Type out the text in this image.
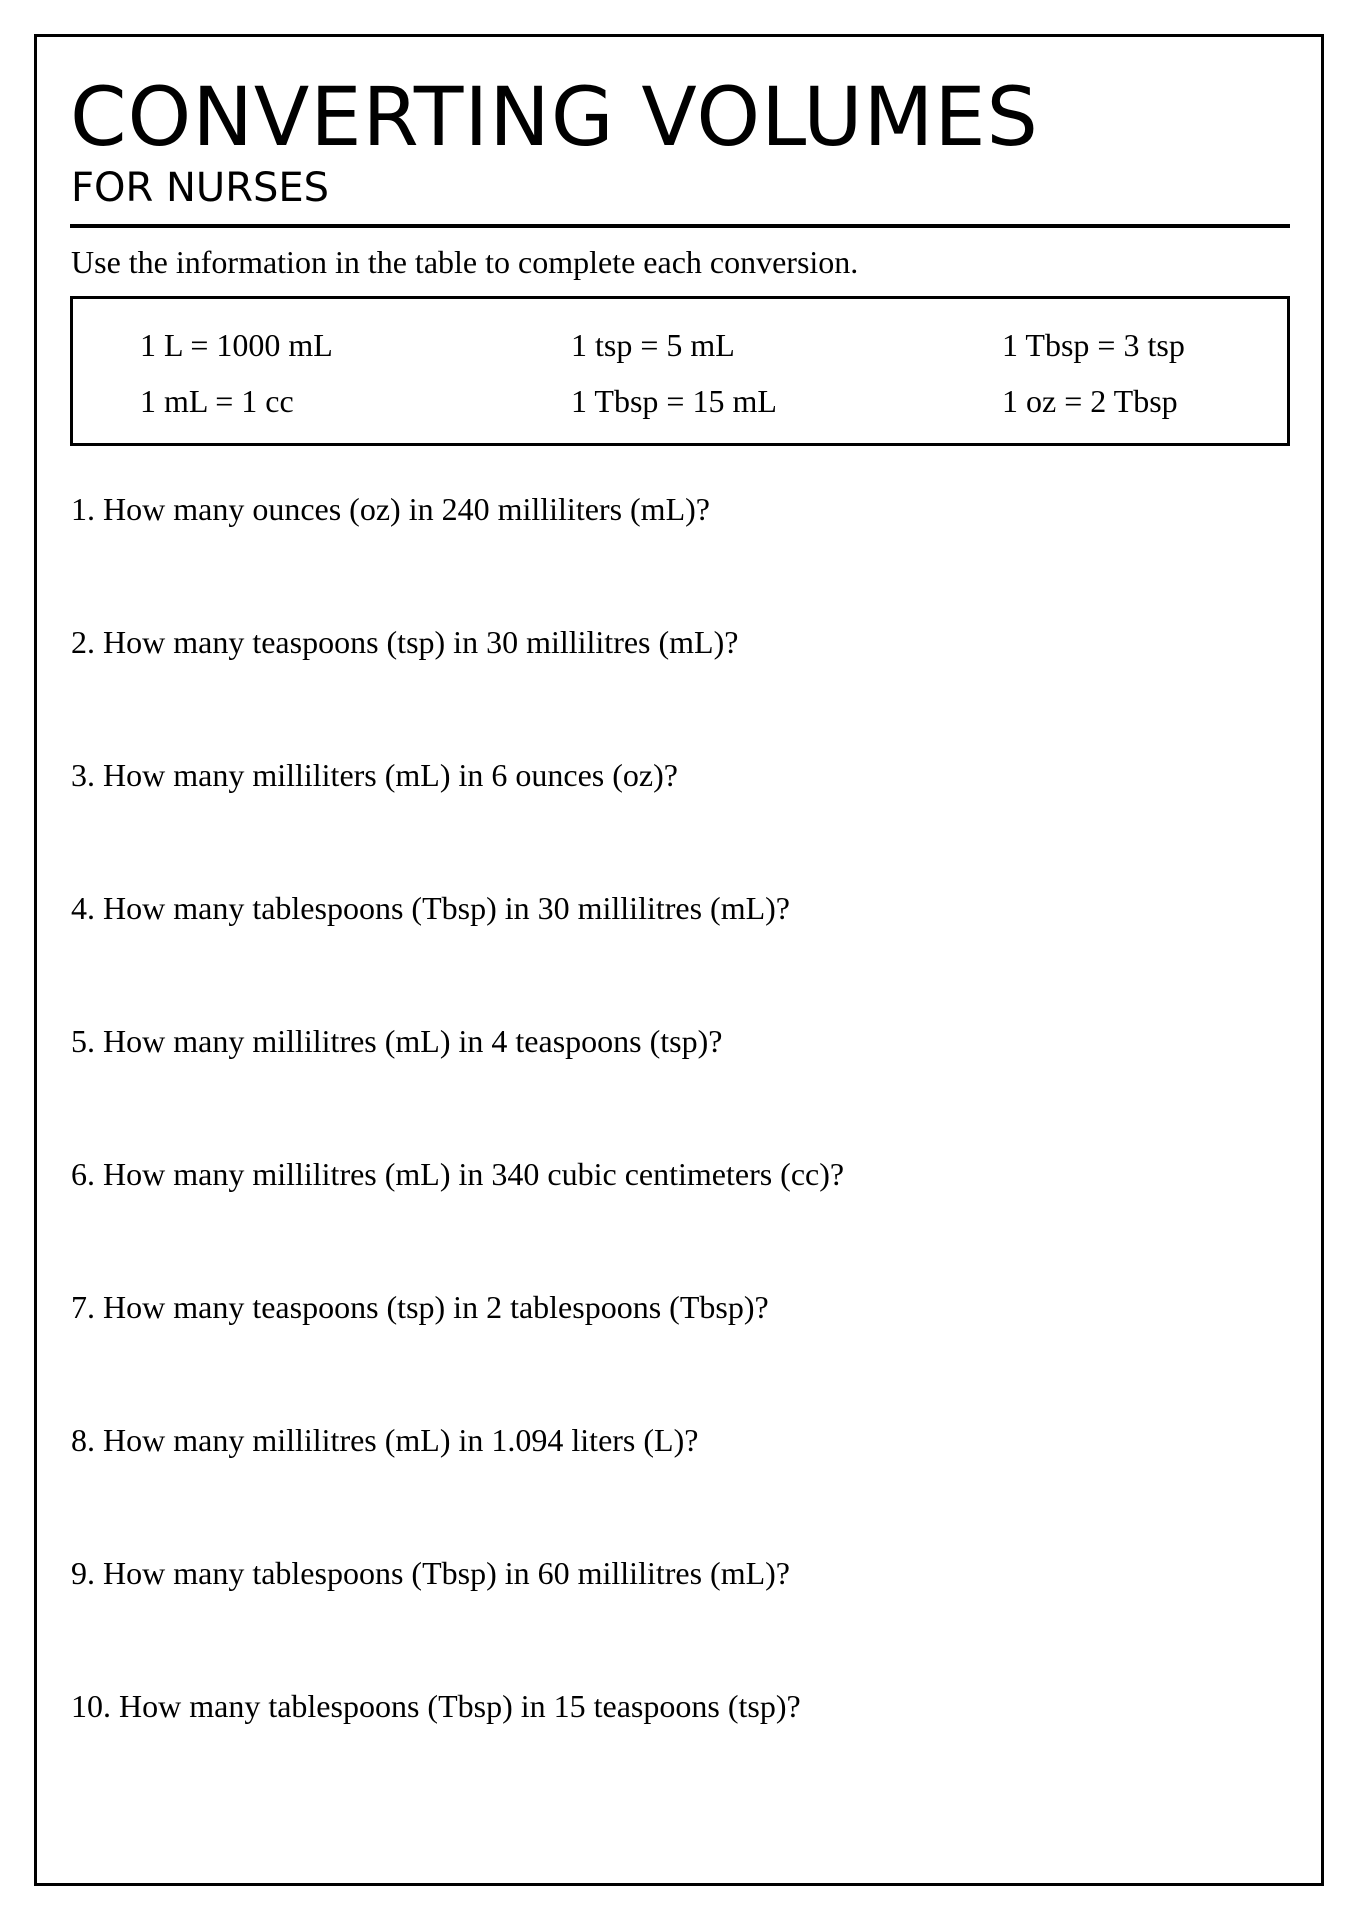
CONVERTING VOLUMES
FOR NURSES
Use the information in the table to complete each conversion.
1 L = 1000 mL	1 tsp = 5 mL	1 Tbsp = 3 tsp
1 mL = 1 cc	1 Tbsp = 15 mL	1 oz = 2 Tbsp
1. How many ounces (oz) in 240 milliliters (mL)?
2. How many teaspoons (tsp) in 30 millilitres (mL)?
3. How many milliliters (mL) in 6 ounces (oz)?
4. How many tablespoons (Tbsp) in 30 millilitres (mL)?
5. How many millilitres (mL) in 4 teaspoons (tsp)?
6. How many millilitres (mL) in 340 cubic centimeters (cc)?
7. How many teaspoons (tsp) in 2 tablespoons (Tbsp)?
8. How many millilitres (mL) in 1.094 liters (L)?
9. How many tablespoons (Tbsp) in 60 millilitres (mL)?
10. How many tablespoons (Tbsp) in 15 teaspoons (tsp)?
